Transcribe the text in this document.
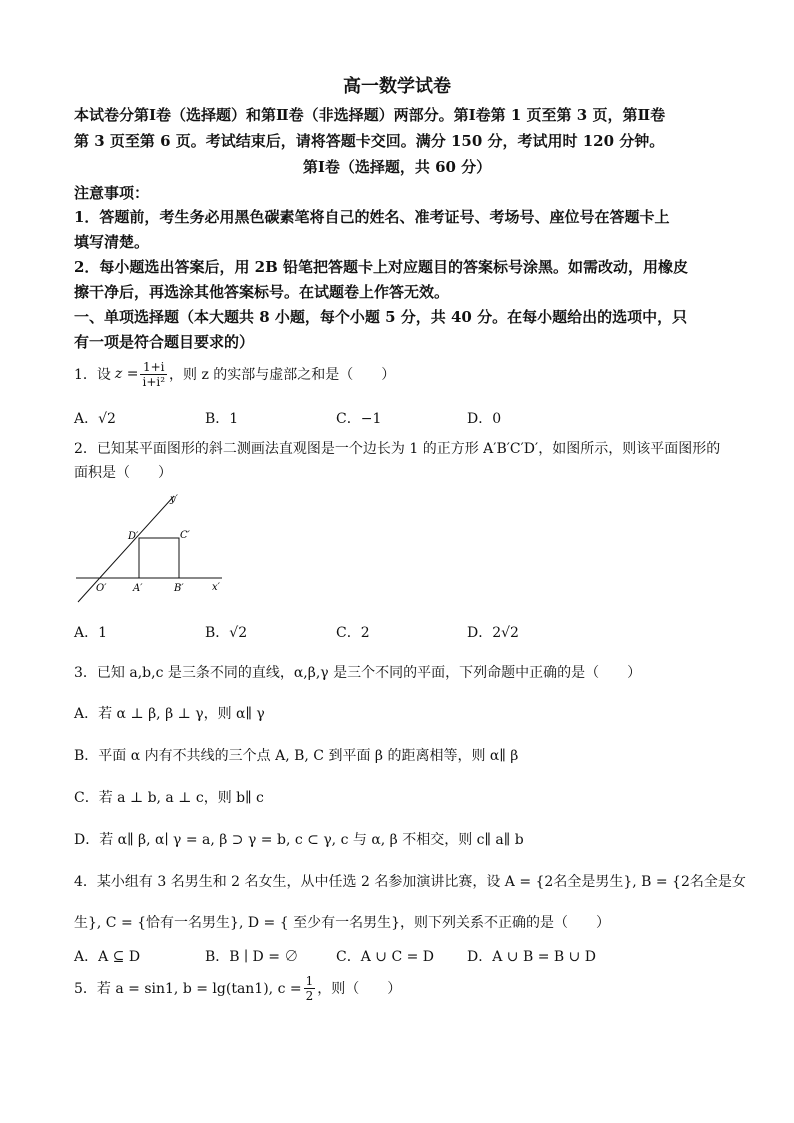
高一数学试卷
本试卷分第Ⅰ卷（选择题）和第Ⅱ卷（非选择题）两部分。第Ⅰ卷第 1 页至第 3 页，第Ⅱ卷
第 3 页至第 6 页。考试结束后，请将答题卡交回。满分 150 分，考试用时 120 分钟。
第Ⅰ卷（选择题，共 60 分）
注意事项：
1．答题前，考生务必用黑色碳素笔将自己的姓名、准考证号、考场号、座位号在答题卡上
填写清楚。
2．每小题选出答案后，用 2B 铅笔把答题卡上对应题目的答案标号涂黑。如需改动，用橡皮
擦干净后，再选涂其他答案标号。在试题卷上作答无效。
一、单项选择题（本大题共 8 小题，每个小题 5 分，共 40 分。在每小题给出的选项中，只
有一项是符合题目要求的）
1．设 $z = \frac{1+i}{\text{i+i²}}$ ，则 z 的实部与虚部之和是（　　）
A．√2	B．1	C．−1	D．0
2．已知某平面图形的斜二测画法直观图是一个边长为 1 的正方形 A′B′C′D′，如图所示，则该平面图形的
面积是（　　）
y′
x′
O′	A′	B′
C′
D′
A．1	B．√2	C．2	D．2√2
3．已知 a,b,c 是三条不同的直线，α,β,γ 是三个不同的平面，下列命题中正确的是（　　）
A．若 α ⊥ β, β ⊥ γ，则 α∥ γ
B．平面 α 内有不共线的三个点 A, B, C 到平面 β 的距离相等，则 α∥ β
C．若 a ⊥ b, a ⊥ c，则 b∥ c
D．若 α∥ β, α∣ γ = a, β ⊃ γ = b, c ⊂ γ, c 与 α, β 不相交，则 c∥ a∥ b
4．某小组有 3 名男生和 2 名女生，从中任选 2 名参加演讲比赛，设 A = {2名全是男生}, B = {2名全是女
生}, C = {恰有一名男生}, D = { 至少有一名男生}，则下列关系不正确的是（　　）
A．A ⊆ D	B．B ∣ D = ∅	C．A ∪ C = D D．A ∪ B = B ∪ D
5．若 a = sin1, b = lg(tan1), $c = \frac{1}{2}$ ，则（　　）
